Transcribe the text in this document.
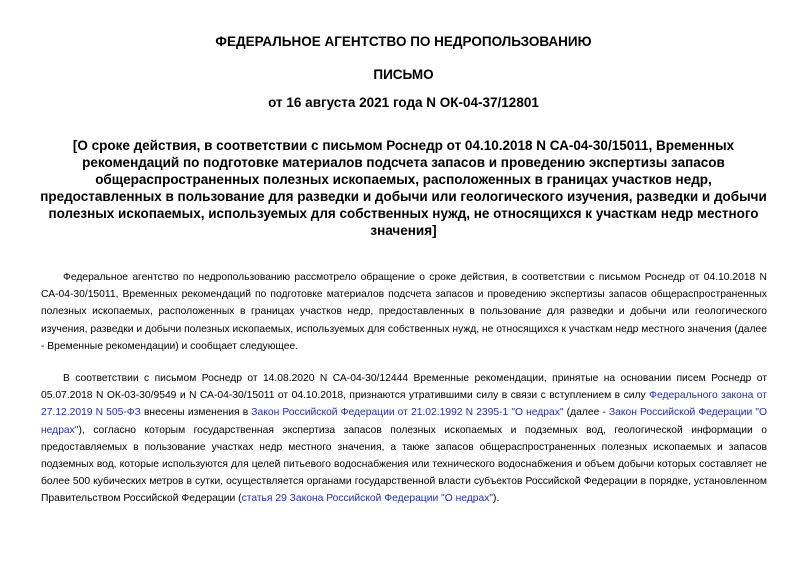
ФЕДЕРАЛЬНОЕ АГЕНТСТВО ПО НЕДРОПОЛЬЗОВАНИЮ
ПИСЬМО
от 16 августа 2021 года N ОК-04-37/12801
[О сроке действия, в соответствии с письмом Роснедр от 04.10.2018 N СА-04-30/15011, Временных рекомендаций по подготовке материалов подсчета запасов и проведению экспертизы запасов общераспространенных полезных ископаемых, расположенных в границах участков недр, предоставленных в пользование для разведки и добычи или геологического изучения, разведки и добычи полезных ископаемых, используемых для собственных нужд, не относящихся к участкам недр местного значения]
Федеральное агентство по недропользованию рассмотрело обращение о сроке действия, в соответствии с письмом Роснедр от 04.10.2018 N СА-04-30/15011, Временных рекомендаций по подготовке материалов подсчета запасов и проведению экспертизы запасов общераспространенных полезных ископаемых, расположенных в границах участков недр, предоставленных в пользование для разведки и добычи или геологического изучения, разведки и добычи полезных ископаемых, используемых для собственных нужд, не относящихся к участкам недр местного значения (далее - Временные рекомендации) и сообщает следующее.
В соответствии с письмом Роснедр от 14.08.2020 N СА-04-30/12444 Временные рекомендации, принятые на основании писем Роснедр от 05.07.2018 N ОК-03-30/9549 и N СА-04-30/15011 от 04.10.2018, признаются утратившими силу в связи с вступлением в силу Федерального закона от 27.12.2019 N 505-ФЗ внесены изменения в Закон Российской Федерации от 21.02.1992 N 2395-1 "О недрах" (далее - Закон Российской Федерации "О недрах"), согласно которым государственная экспертиза запасов полезных ископаемых и подземных вод, геологической информации о предоставляемых в пользование участках недр местного значения, а также запасов общераспространенных полезных ископаемых и запасов подземных вод, которые используются для целей питьевого водоснабжения или технического водоснабжения и объем добычи которых составляет не более 500 кубических метров в сутки, осуществляется органами государственной власти субъектов Российской Федерации в порядке, установленном Правительством Российской Федерации (статья 29 Закона Российской Федерации "О недрах").
